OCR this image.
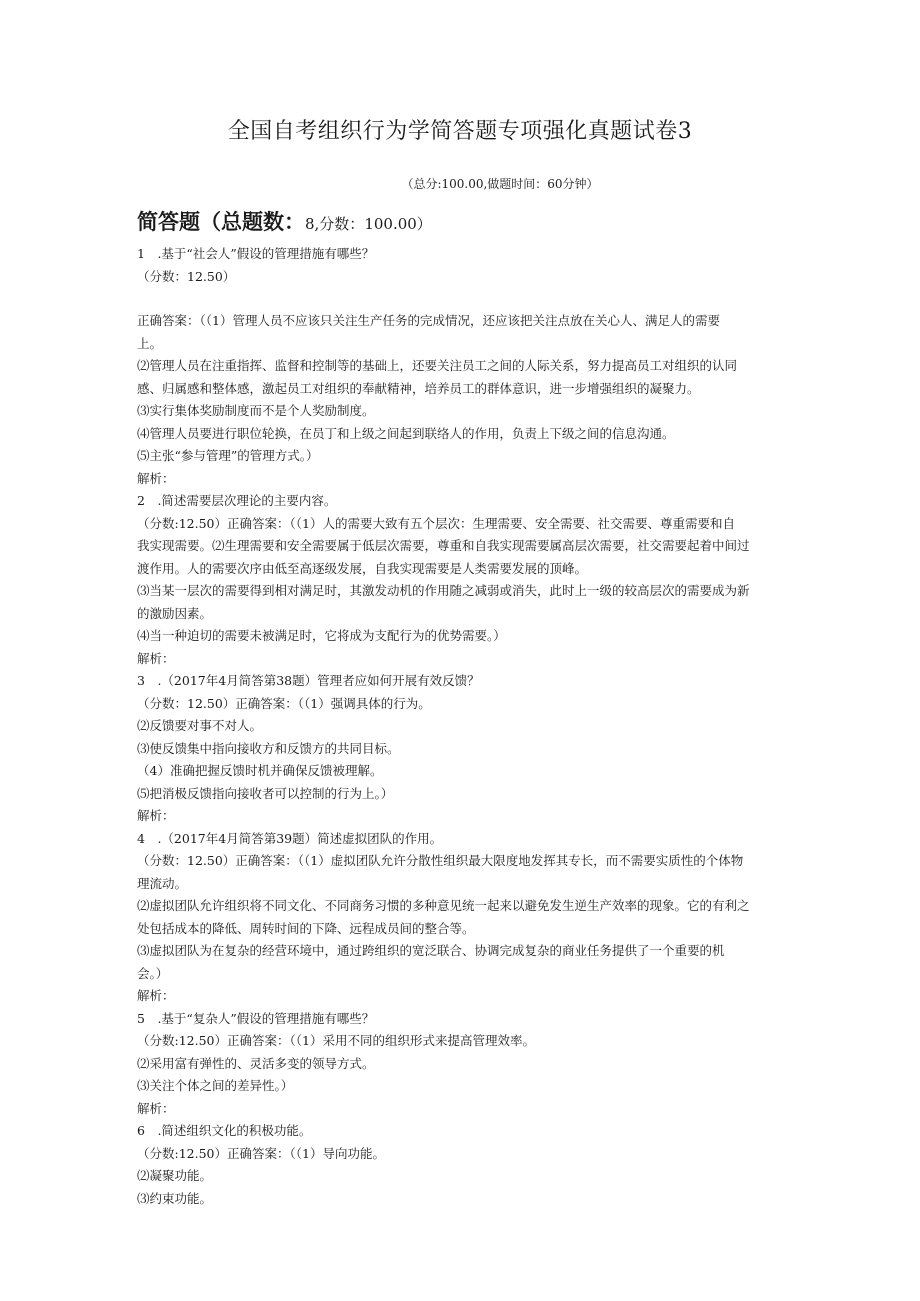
全国自考组织行为学简答题专项强化真题试卷3
（总分:100.00,做题时间：60分钟）
简答题（总题数：8,分数：100.00）
1　.基于“社会人”假设的管理措施有哪些？
（分数：12.50）
正确答案：（（1）管理人员不应该只关注生产任务的完成情况，还应该把关注点放在关心人、满足人的需要
上。
⑵管理人员在注重指挥、监督和控制等的基础上，还要关注员工之间的人际关系，努力提高员工对组织的认同
感、归属感和整体感，激起员工对组织的奉献精神，培养员工的群体意识，进一步增强组织的凝聚力。
⑶实行集体奖励制度而不是个人奖励制度。
⑷管理人员要进行职位轮换，在员丁和上级之间起到联络人的作用，负责上下级之间的信息沟通。
⑸主张“参与管理”的管理方式。）
解析：
2　.简述需要层次理论的主要内容。
（分数:12.50）正确答案：（（1）人的需要大致有五个层次：生理需要、安全需要、社交需要、尊重需要和自
我实现需要。⑵生理需要和安全需要属于低层次需要，尊重和自我实现需要属高层次需要，社交需要起着中间过
渡作用。人的需要次序由低至高逐级发展，自我实现需要是人类需要发展的顶峰。
⑶当某一层次的需要得到相对满足时，其激发动机的作用随之减弱或消失，此时上一级的较高层次的需要成为新
的激励因素。
⑷当一种迫切的需要未被满足时，它将成为支配行为的优势需要。）
解析：
3　.（2017年4月简答第38题）管理者应如何开展有效反馈？
（分数：12.50）正确答案：（（1）强调具体的行为。
⑵反馈要对事不对人。
⑶使反馈集中指向接收方和反馈方的共同目标。
（4）准确把握反馈时机并确保反馈被理解。
⑸把消极反馈指向接收者可以控制的行为上。）
解析：
4　.（2017年4月简答第39题）简述虚拟团队的作用。
（分数：12.50）正确答案：（（1）虚拟团队允许分散性组织最大限度地发挥其专长，而不需要实质性的个体物
理流动。
⑵虚拟团队允许组织将不同文化、不同商务习惯的多种意见统一起来以避免发生逆生产效率的现象。它的有利之
处包括成本的降低、周转时间的下降、远程成员间的整合等。
⑶虚拟团队为在复杂的经营环境中，通过跨组织的宽泛联合、协调完成复杂的商业任务提供了一个重要的机
会。）
解析：
5　.基于“复杂人”假设的管理措施有哪些？
（分数:12.50）正确答案：（（1）采用不同的组织形式来提高管理效率。
⑵采用富有弹性的、灵活多变的领导方式。
⑶关注个体之间的差异性。）
解析：
6　.简述组织文化的积极功能。
（分数:12.50）正确答案：（（1）导向功能。
⑵凝聚功能。
⑶约束功能。
